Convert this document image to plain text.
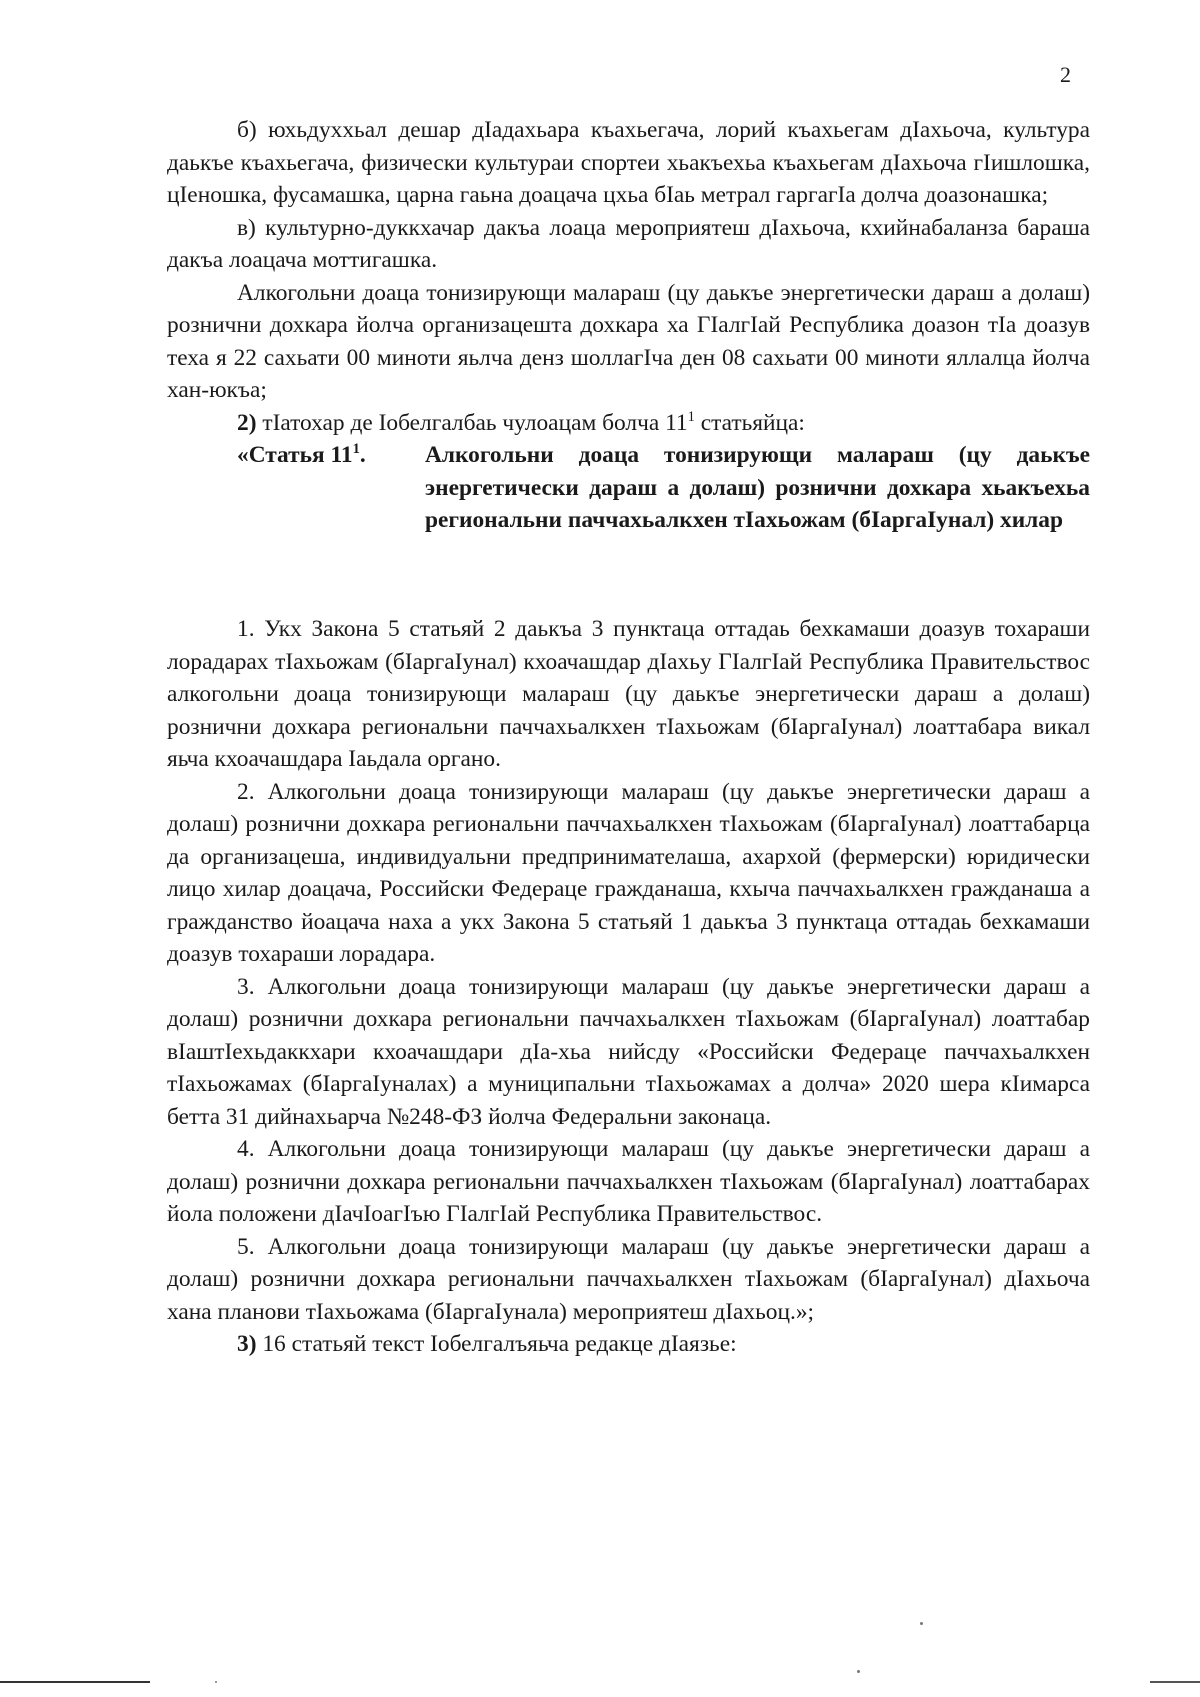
2

б) юхьдуххьал дешар дIадахьара къахьегача, лорий къахьегам дIахьоча, культура даькъе къахьегача, физически культураи спортеи хьакъехьа къахьегам дIахьоча гIишлошка, цIеношка, фусамашка, царна гаьна доацача цхьа бIаь метрал гаргагIа долча доазонашка;

в) культурно-дуккхачар дакъа лоаца мероприятеш дIахьоча, кхийнабаланза бараша дакъа лоацача моттигашка.

Алкогольни доаца тонизирующи малараш (цу даькъе энергетически дараш а долаш) рознични дохкара йолча организацешта дохкара ха ГIалгIай Республика доазон тIа доазув теха я 22 сахьати 00 миноти яьлча денз шоллагIча ден 08 сахьати 00 миноти яллалца йолча хан-юкъа;

2) тIатохар де Iобелгалбаь чулоацам болча $11^1$ статьяйца:

«Статья $11^1$.	Алкогольни доаца тонизирующи малараш (цу даькъе энергетически дараш а долаш) рознични дохкара хьакъехьа региональни паччахьалкхен тIахьожам (бIаргаIунал) хилар

1. Укх Закона 5 статьяй 2 даькъа 3 пунктаца оттадаь бехкамаши доазув тохараши лорадарах тIахьожам (бIаргаIунал) кхоачашдар дIахьу ГIалгIай Республика Правительствос алкогольни доаца тонизирующи малараш (цу даькъе энергетически дараш а долаш) рознични дохкара региональни паччахьалкхен тIахьожам (бIаргаIунал) лоаттабара викал яьча кхоачашдара Iаьдала органо.

2. Алкогольни доаца тонизирующи малараш (цу даькъе энергетически дараш а долаш) рознични дохкара региональни паччахьалкхен тIахьожам (бIаргаIунал) лоаттабарца да организацеша, индивидуальни предпринимателаша, ахархой (фермерски) юридически лицо хилар доацача, Российски Федераце гражданаша, кхыча паччахьалкхен гражданаша а гражданство йоацача наха а укх Закона 5 статьяй 1 даькъа 3 пунктаца оттадаь бехкамаши доазув тохараши лорадара.

3. Алкогольни доаца тонизирующи малараш (цу даькъе энергетически дараш а долаш) рознични дохкара региональни паччахьалкхен тIахьожам (бIаргаIунал) лоаттабар вIаштIехьдаккхари кхоачашдари дIа-хьа нийсду «Российски Федераце паччахьалкхен тIахьожамах (бIаргаIуналах) а муниципальни тIахьожамах а долча» 2020 шера кIимарса бетта 31 дийнахьарча №248-ФЗ йолча Федеральни законаца.

4. Алкогольни доаца тонизирующи малараш (цу даькъе энергетически дараш а долаш) рознични дохкара региональни паччахьалкхен тIахьожам (бIаргаIунал) лоаттабарах йола положени дIачIоагIъю ГIалгIай Республика Правительствос.

5. Алкогольни доаца тонизирующи малараш (цу даькъе энергетически дараш а долаш) рознични дохкара региональни паччахьалкхен тIахьожам (бIаргаIунал) дIахьоча хана планови тIахьожама (бIаргаIунала) мероприятеш дIахьоц.»;

3) 16 статьяй текст Iобелгалъяьча редакце дIаязье:
